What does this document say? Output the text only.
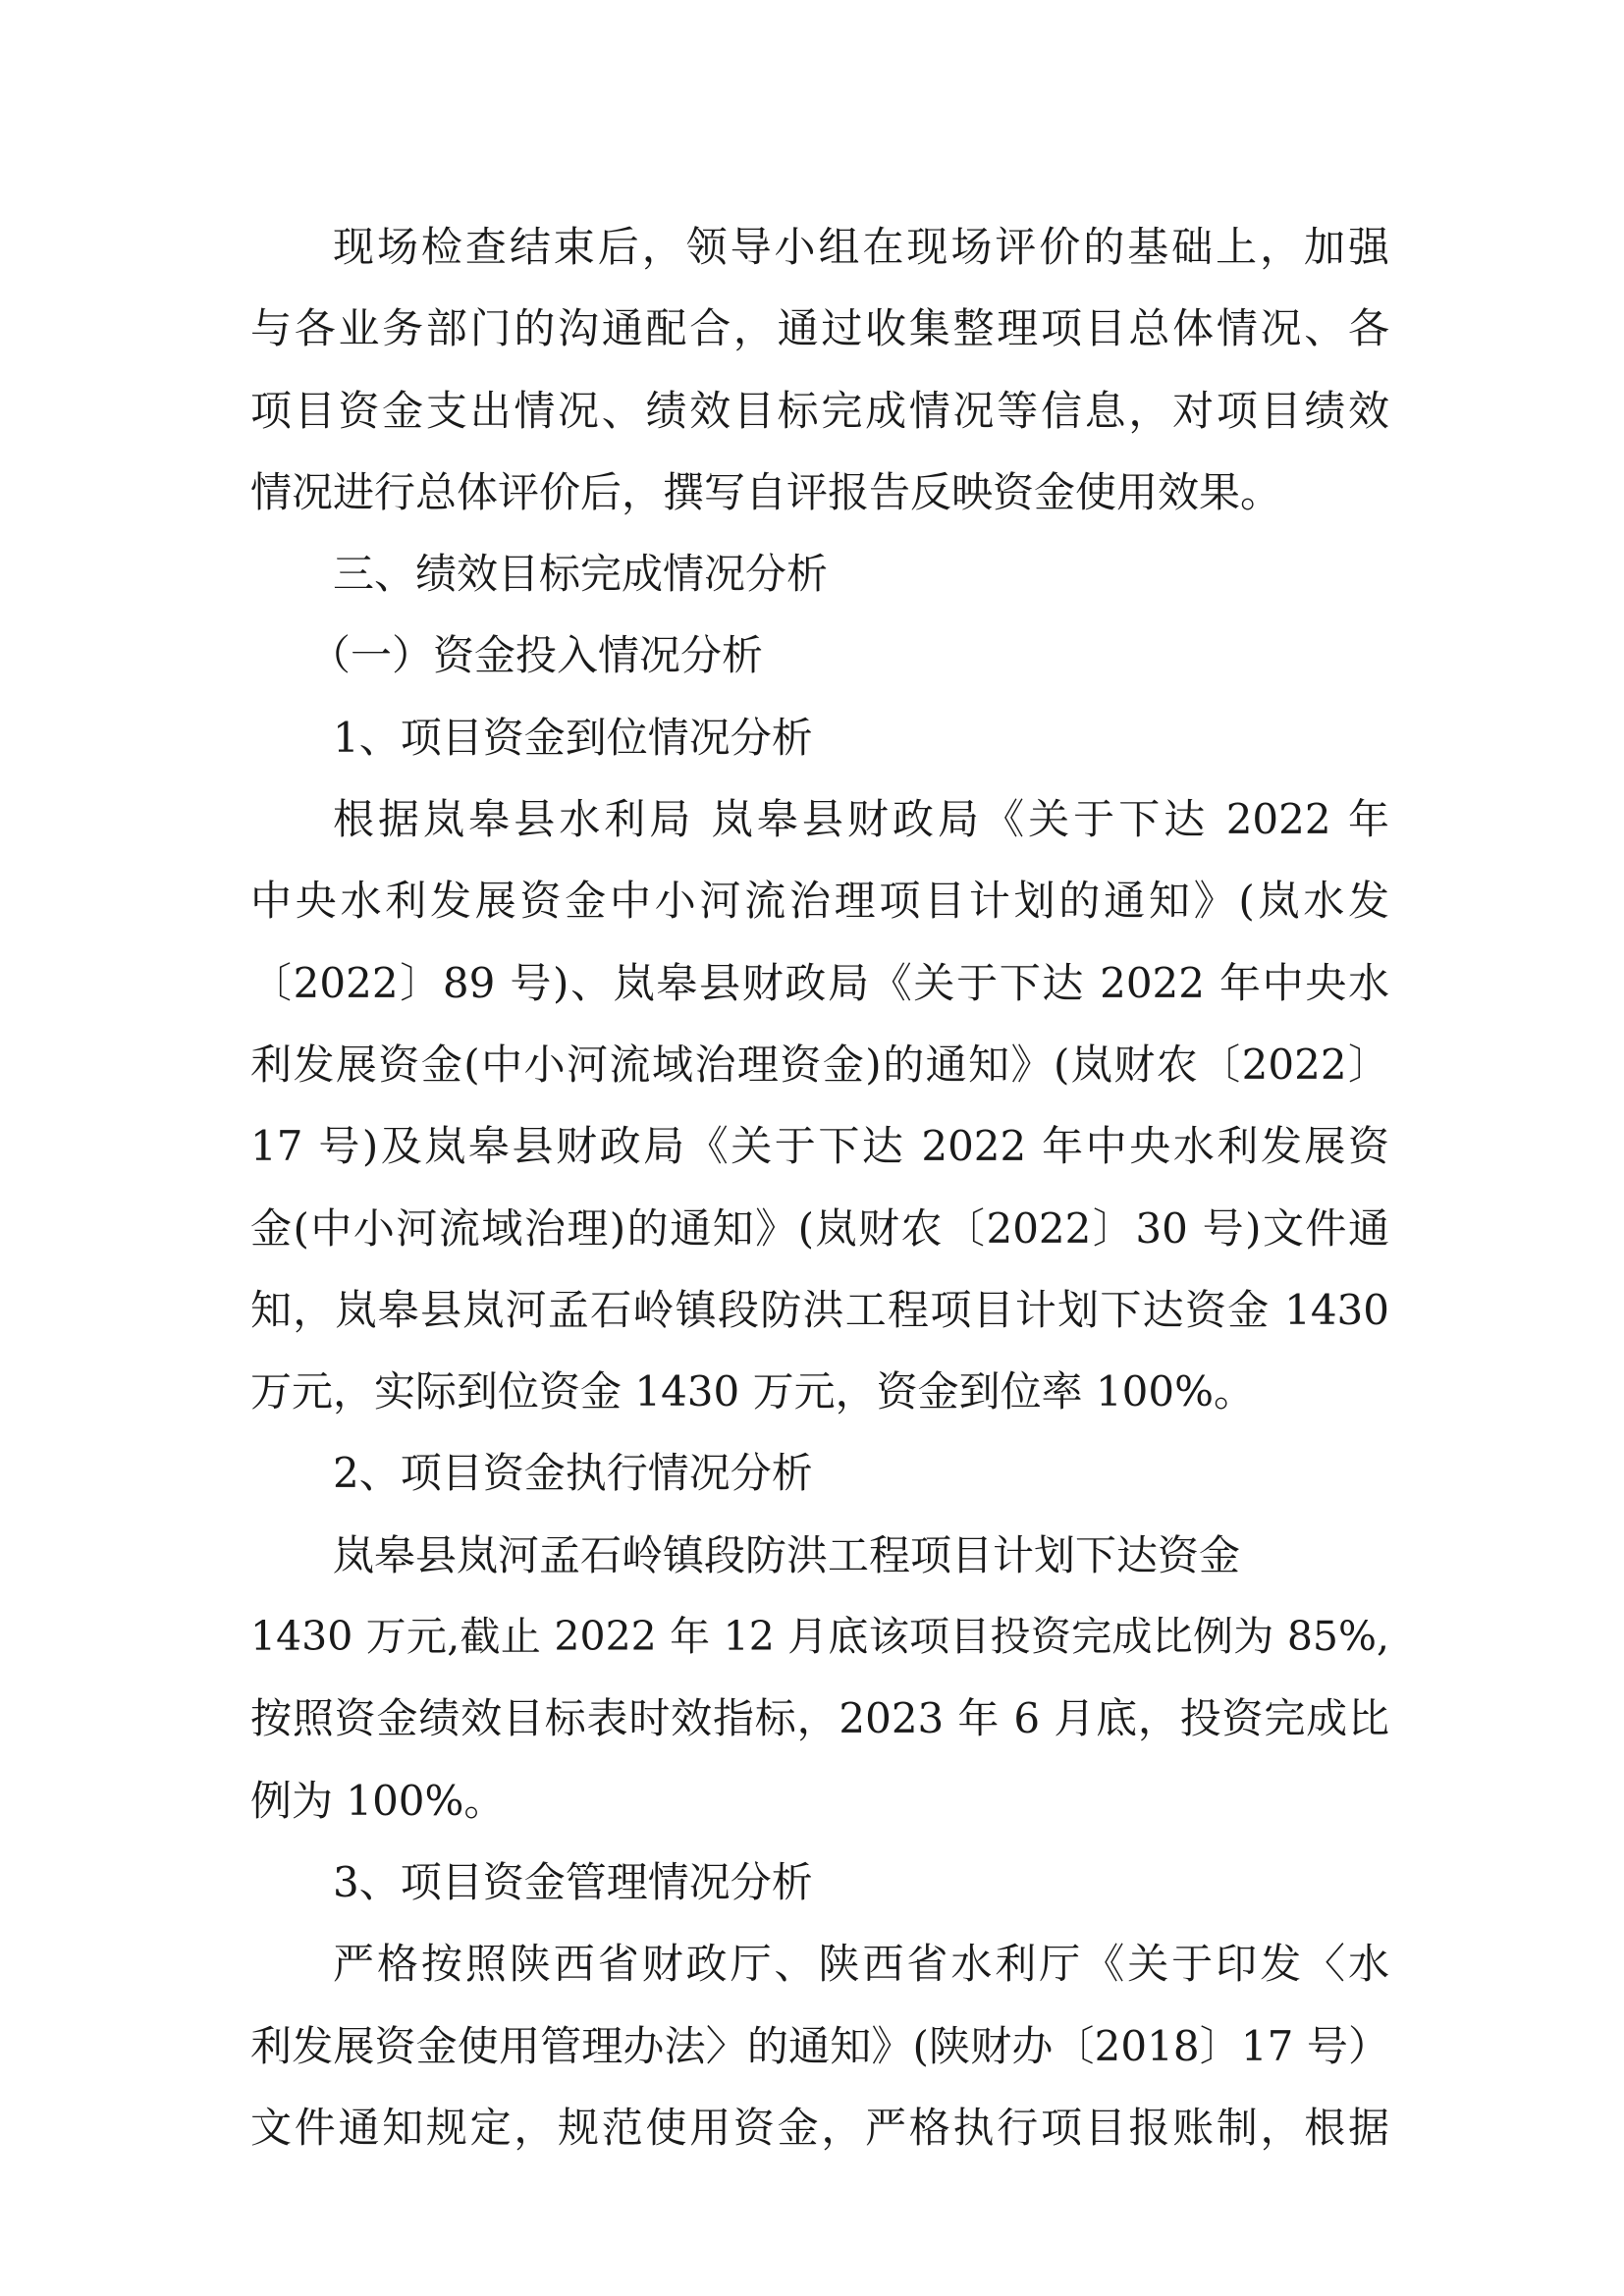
现场检查结束后，领导小组在现场评价的基础上，加强
与各业务部门的沟通配合，通过收集整理项目总体情况、各
项目资金支出情况、绩效目标完成情况等信息，对项目绩效
情况进行总体评价后，撰写自评报告反映资金使用效果。
三、绩效目标完成情况分析
（一）资金投入情况分析
1、项目资金到位情况分析
根据岚皋县水利局 岚皋县财政局《关于下达 2022 年
中央水利发展资金中小河流治理项目计划的通知》(岚水发
〔2022〕89 号)、岚皋县财政局《关于下达 2022 年中央水
利发展资金(中小河流域治理资金)的通知》(岚财农〔2022〕
17 号)及岚皋县财政局《关于下达 2022 年中央水利发展资
金(中小河流域治理)的通知》(岚财农〔2022〕30 号)文件通
知，岚皋县岚河孟石岭镇段防洪工程项目计划下达资金 1430
万元，实际到位资金 1430 万元，资金到位率 100%。
2、项目资金执行情况分析
岚皋县岚河孟石岭镇段防洪工程项目计划下达资金
1430 万元,截止 2022 年 12 月底该项目投资完成比例为 85%,
按照资金绩效目标表时效指标，2023 年 6 月底，投资完成比
例为 100%。
3、项目资金管理情况分析
严格按照陕西省财政厅、陕西省水利厅《关于印发〈水
利发展资金使用管理办法〉的通知》(陕财办〔2018〕17 号）
文件通知规定，规范使用资金，严格执行项目报账制，根据
